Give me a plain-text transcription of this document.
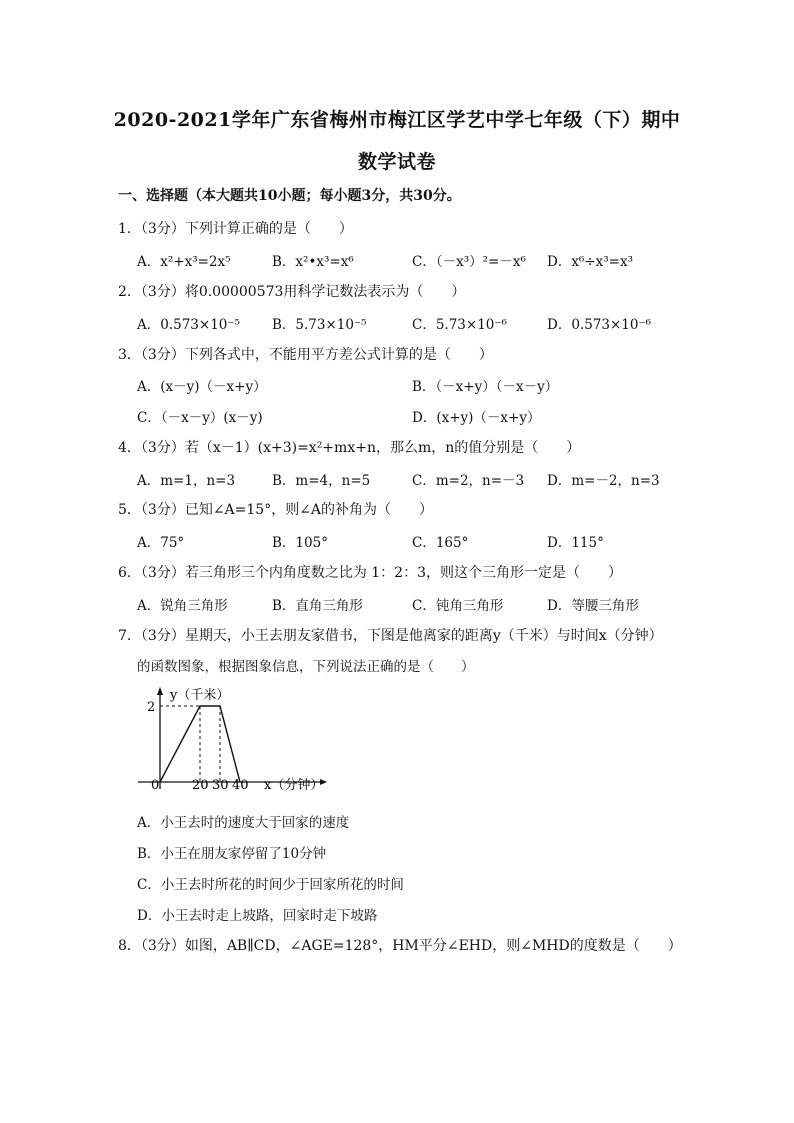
2020-2021学年广东省梅州市梅江区学艺中学七年级（下）期中
数学试卷
一、选择题（本大题共10小题；每小题3分，共30分。
1．（3分）下列计算正确的是（　　）
A．x²+x³=2x⁵	B．x²•x³=x⁶	C．（－x³）²=－x⁶ D．x⁶÷x³=x³
2．（3分）将0.00000573用科学记数法表示为（　　）
A．0.573×10⁻⁵ B．5.73×10⁻⁵	C．5.73×10⁻⁶	D．0.573×10⁻⁶
3．（3分）下列各式中，不能用平方差公式计算的是（　　）
A．(x－y)（－x+y）	B．（－x+y）（－x－y）
C．（－x－y）(x－y)	D．(x+y)（－x+y）
4．（3分）若（x－1）(x+3)=x²+mx+n，那么m，n的值分别是（　　）
A．m=1，n=3	B．m=4，n=5	C．m=2，n=－3 D．m=－2，n=3
5．（3分）已知∠A=15°，则∠A的补角为（　　）
A．75°	B．105°	C．165°	D．115°
6．（3分）若三角形三个内角度数之比为 1：2：3，则这个三角形一定是（　　）
A．锐角三角形	B．直角三角形	C．钝角三角形	D．等腰三角形
7．（3分）星期天，小王去朋友家借书，下图是他离家的距离y（千米）与时间x（分钟）
的函数图象，根据图象信息，下列说法正确的是（　　）
y（千米）
x（分钟）
0
2
20 30 40
A．小王去时的速度大于回家的速度
B．小王在朋友家停留了10分钟
C．小王去时所花的时间少于回家所花的时间
D．小王去时走上坡路，回家时走下坡路
8．（3分）如图，AB∥CD，∠AGE=128°，HM平分∠EHD，则∠MHD的度数是（　　）
